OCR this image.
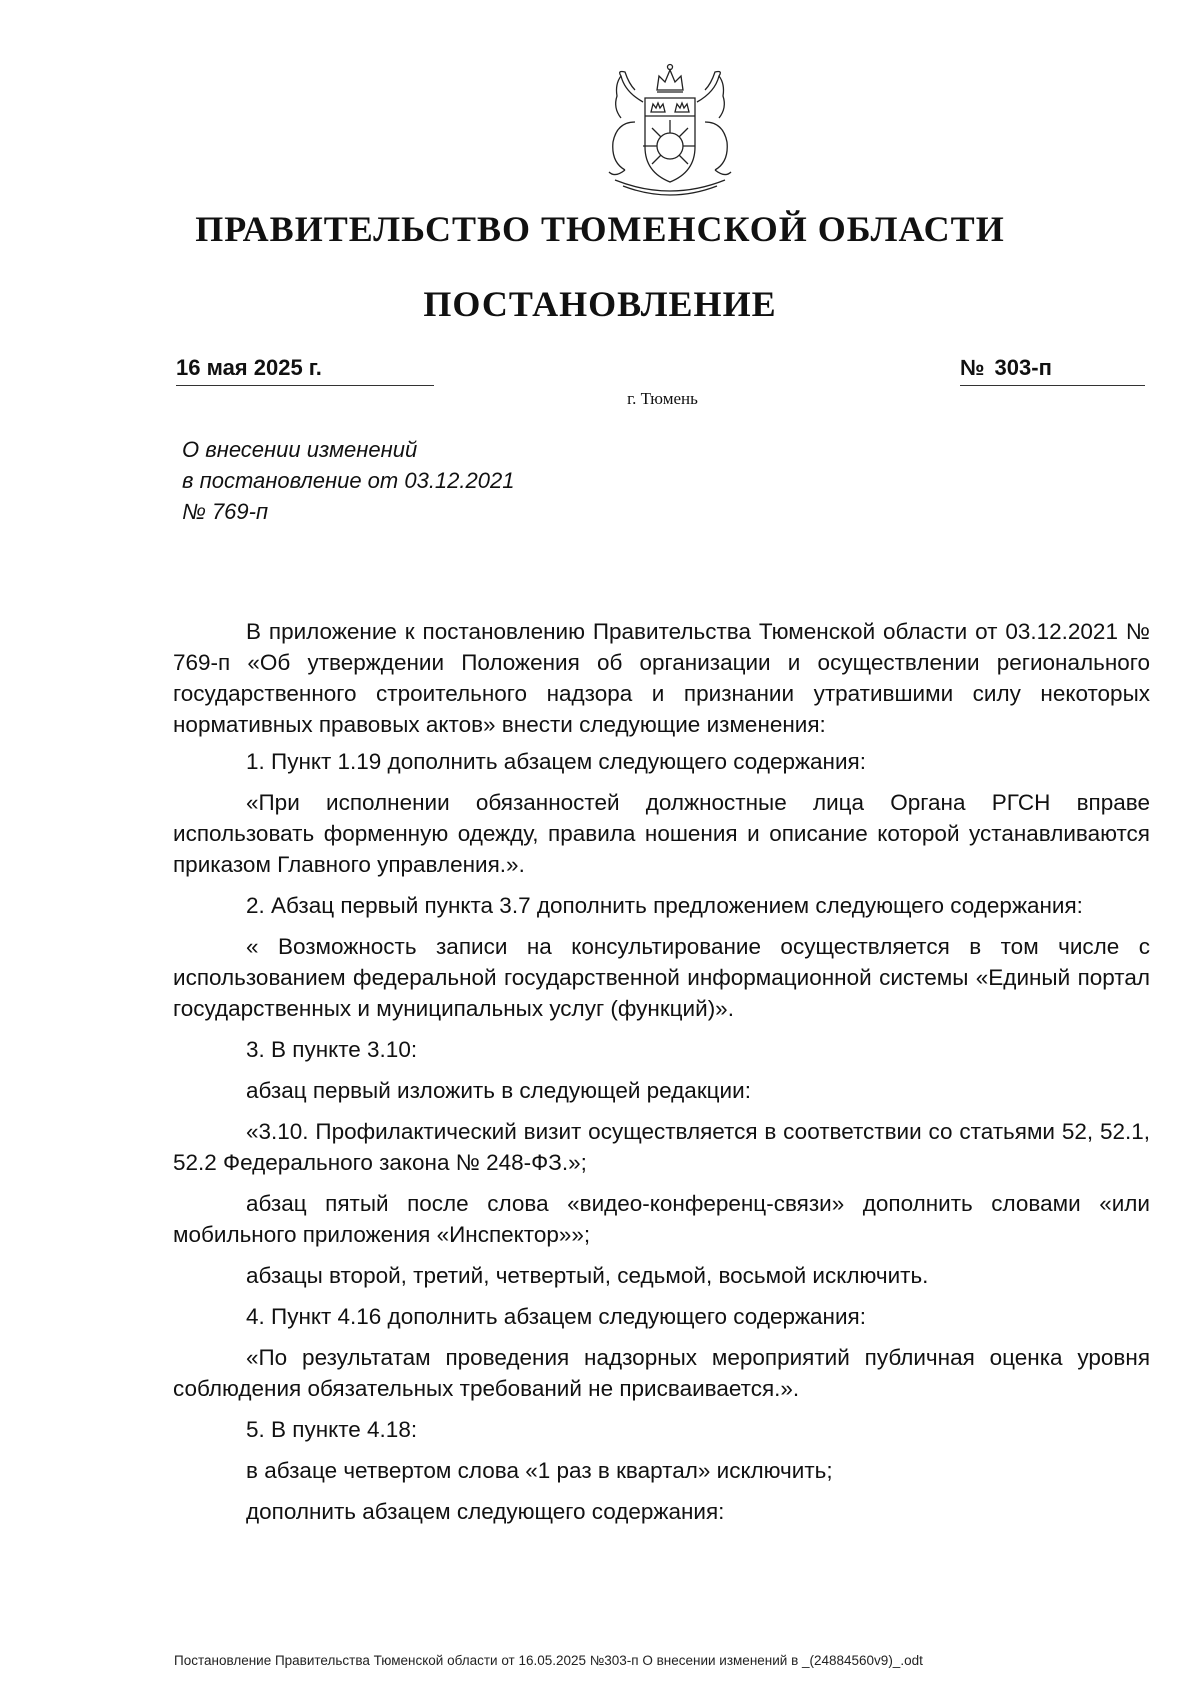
ПРАВИТЕЛЬСТВО ТЮМЕНСКОЙ ОБЛАСТИ
ПОСТАНОВЛЕНИЕ
16 мая 2025 г.	№ 303-п
г. Тюмень
О внесении изменений
в постановление от 03.12.2021
№ 769-п

В приложение к постановлению Правительства Тюменской области от 03.12.2021 № 769-п «Об утверждении Положения об организации и осуществлении регионального государственного строительного надзора и признании утратившими силу некоторых нормативных правовых актов» внести следующие изменения:

1. Пункт 1.19 дополнить абзацем следующего содержания:

«При исполнении обязанностей должностные лица Органа РГСН вправе использовать форменную одежду, правила ношения и описание которой устанавливаются приказом Главного управления.».

2. Абзац первый пункта 3.7 дополнить предложением следующего содержания:

« Возможность записи на консультирование осуществляется в том числе с использованием федеральной государственной информационной системы «Единый портал государственных и муниципальных услуг (функций)».

3. В пункте 3.10:

абзац первый изложить в следующей редакции:

«3.10. Профилактический визит осуществляется в соответствии со статьями 52, 52.1, 52.2 Федерального закона № 248-ФЗ.»;

абзац пятый после слова «видео-конференц-связи» дополнить словами «или мобильного приложения «Инспектор»»;

абзацы второй, третий, четвертый, седьмой, восьмой исключить.

4. Пункт 4.16 дополнить абзацем следующего содержания:

«По результатам проведения надзорных мероприятий публичная оценка уровня соблюдения обязательных требований не присваивается.».

5. В пункте 4.18:

в абзаце четвертом слова «1 раз в квартал» исключить;

дополнить абзацем следующего содержания:

Постановление Правительства Тюменской области от 16.05.2025 №303-п О внесении изменений в _(24884560v9)_.odt
